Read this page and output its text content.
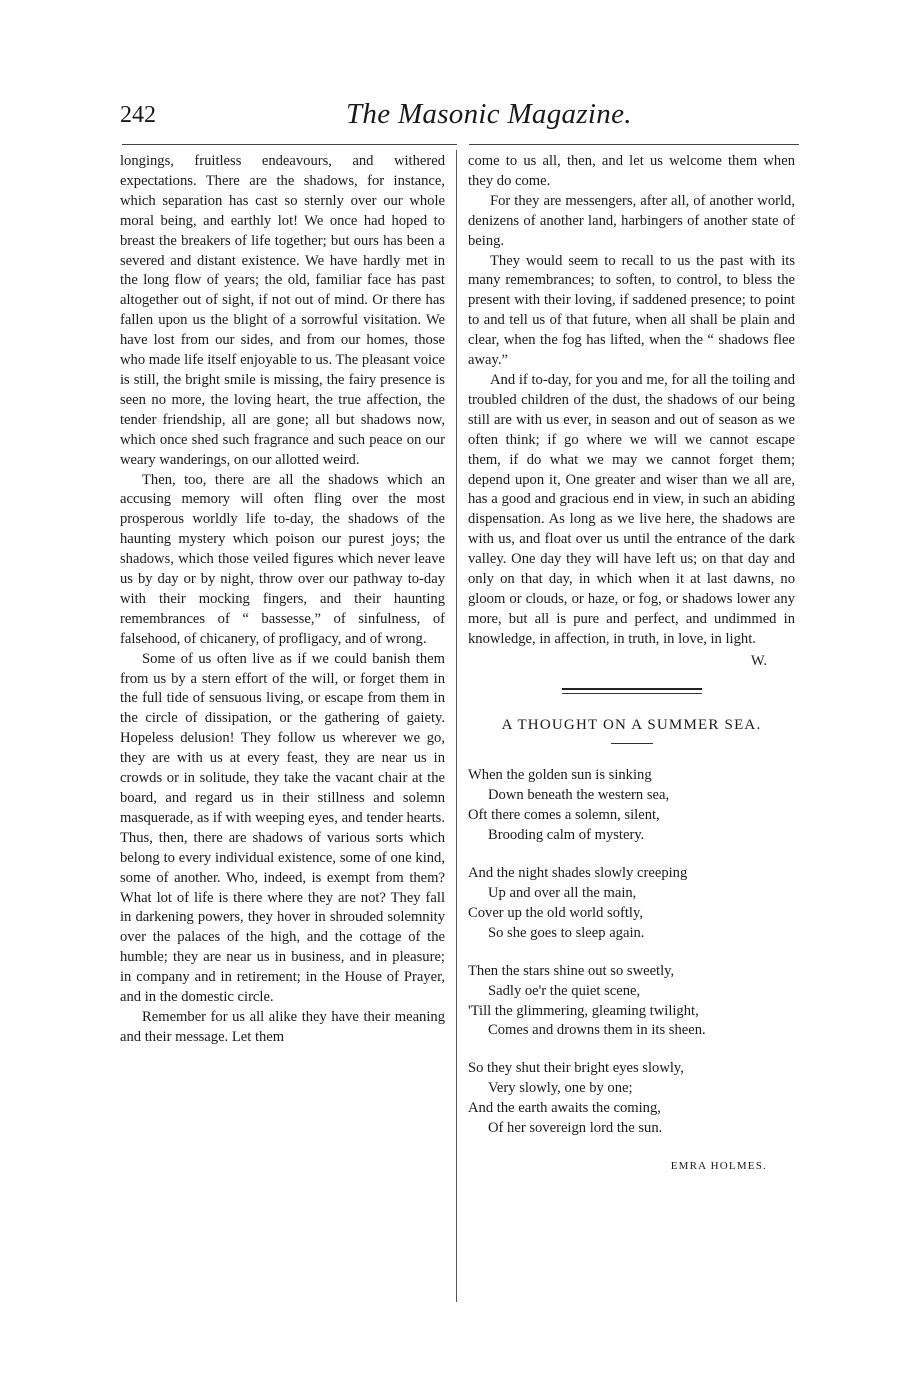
242	The Masonic Magazine.

longings, fruitless endeavours, and withered expectations. There are the shadows, for instance, which separation has cast so sternly over our whole moral being, and earthly lot! We once had hoped to breast the breakers of life together; but ours has been a severed and distant existence. We have hardly met in the long flow of years; the old, familiar face has past altogether out of sight, if not out of mind. Or there has fallen upon us the blight of a sorrowful visitation. We have lost from our sides, and from our homes, those who made life itself enjoyable to us. The pleasant voice is still, the bright smile is missing, the fairy presence is seen no more, the loving heart, the true affection, the tender friendship, all are gone; all but shadows now, which once shed such fragrance and such peace on our weary wanderings, on our allotted weird.

Then, too, there are all the shadows which an accusing memory will often fling over the most prosperous worldly life to-day, the shadows of the haunting mystery which poison our purest joys; the shadows, which those veiled figures which never leave us by day or by night, throw over our pathway to-day with their mocking fingers, and their haunting remembrances of “ bassesse,” of sinfulness, of falsehood, of chicanery, of profligacy, and of wrong.

Some of us often live as if we could banish them from us by a stern effort of the will, or forget them in the full tide of sensuous living, or escape from them in the circle of dissipation, or the gathering of gaiety. Hopeless delusion! They follow us wherever we go, they are with us at every feast, they are near us in crowds or in solitude, they take the vacant chair at the board, and regard us in their stillness and solemn masquerade, as if with weeping eyes, and tender hearts. Thus, then, there are shadows of various sorts which belong to every individual existence, some of one kind, some of another. Who, indeed, is exempt from them? What lot of life is there where they are not? They fall in darkening powers, they hover in shrouded solemnity over the palaces of the high, and the cottage of the humble; they are near us in business, and in pleasure; in company and in retirement; in the House of Prayer, and in the domestic circle.

Remember for us all alike they have their meaning and their message. Let them

come to us all, then, and let us welcome them when they do come.

For they are messengers, after all, of another world, denizens of another land, harbingers of another state of being.

They would seem to recall to us the past with its many remembrances; to soften, to control, to bless the present with their loving, if saddened presence; to point to and tell us of that future, when all shall be plain and clear, when the fog has lifted, when the “ shadows flee away.”

And if to-day, for you and me, for all the toiling and troubled children of the dust, the shadows of our being still are with us ever, in season and out of season as we often think; if go where we will we cannot escape them, if do what we may we cannot forget them; depend upon it, One greater and wiser than we all are, has a good and gracious end in view, in such an abiding dispensation. As long as we live here, the shadows are with us, and float over us until the entrance of the dark valley. One day they will have left us; on that day and only on that day, in which when it at last dawns, no gloom or clouds, or haze, or fog, or shadows lower any more, but all is pure and perfect, and undimmed in knowledge, in affection, in truth, in love, in light.

W.
A THOUGHT ON A SUMMER SEA.
When the golden sun is sinking
Down beneath the western sea,
Oft there comes a solemn, silent,
Brooding calm of mystery.
And the night shades slowly creeping
Up and over all the main,
Cover up the old world softly,
So she goes to sleep again.
Then the stars shine out so sweetly,
Sadly oe'r the quiet scene,
'Till the glimmering, gleaming twilight,
Comes and drowns them in its sheen.
So they shut their bright eyes slowly,
Very slowly, one by one;
And the earth awaits the coming,
Of her sovereign lord the sun.
EMRA HOLMES.
